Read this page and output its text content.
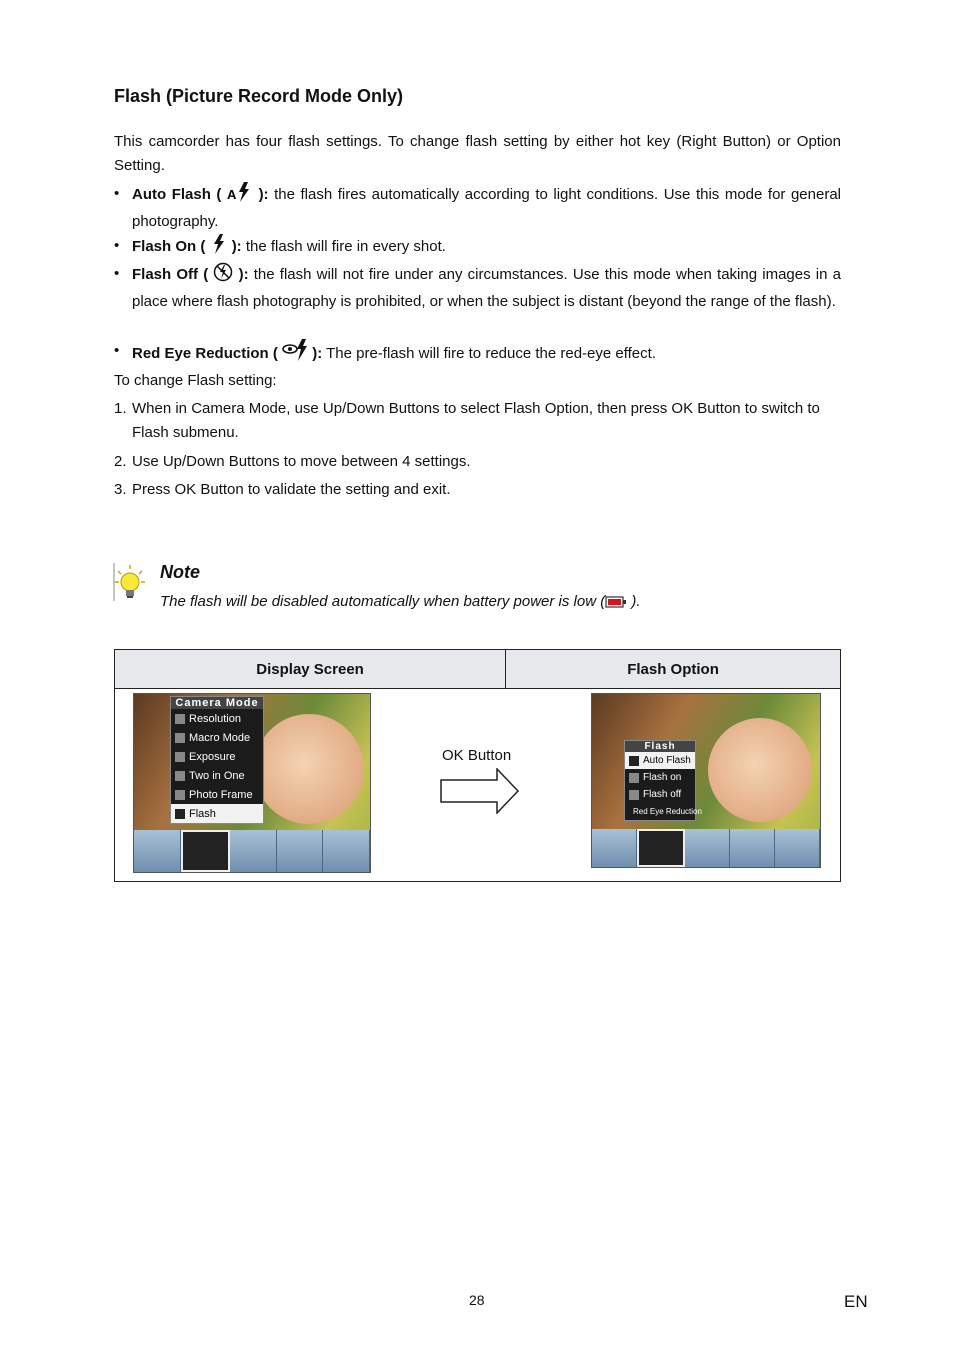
Flash (Picture Record Mode Only)
This camcorder has four flash settings. To change flash setting by either hot key (Right Button) or Option Setting.
• Auto Flash ( A ): the flash fires automatically according to light conditions. Use this mode for general photography.
• Flash On ( ): the flash will fire in every shot.
• Flash Off ( ): the flash will not fire under any circumstances. Use this mode when taking images in a place where flash photography is prohibited, or when the subject is distant (beyond the range of the flash).
• Red Eye Reduction ( ): The pre-flash will fire to reduce the red-eye effect.
To change Flash setting:
1. When in Camera Mode, use Up/Down Buttons to select Flash Option, then press OK Button to switch to Flash submenu.
2. Use Up/Down Buttons to move between 4 settings.
3. Press OK Button to validate the setting and exit.
Note
The flash will be disabled automatically when battery power is low ( ).
Display Screen	Flash Option

Camera Mode
Resolution
Macro Mode
Exposure
Two in One
Photo Frame
Flash
OK Button
Flash
Auto Flash
Flash on
Flash off
Red Eye Reduction
28	EN
